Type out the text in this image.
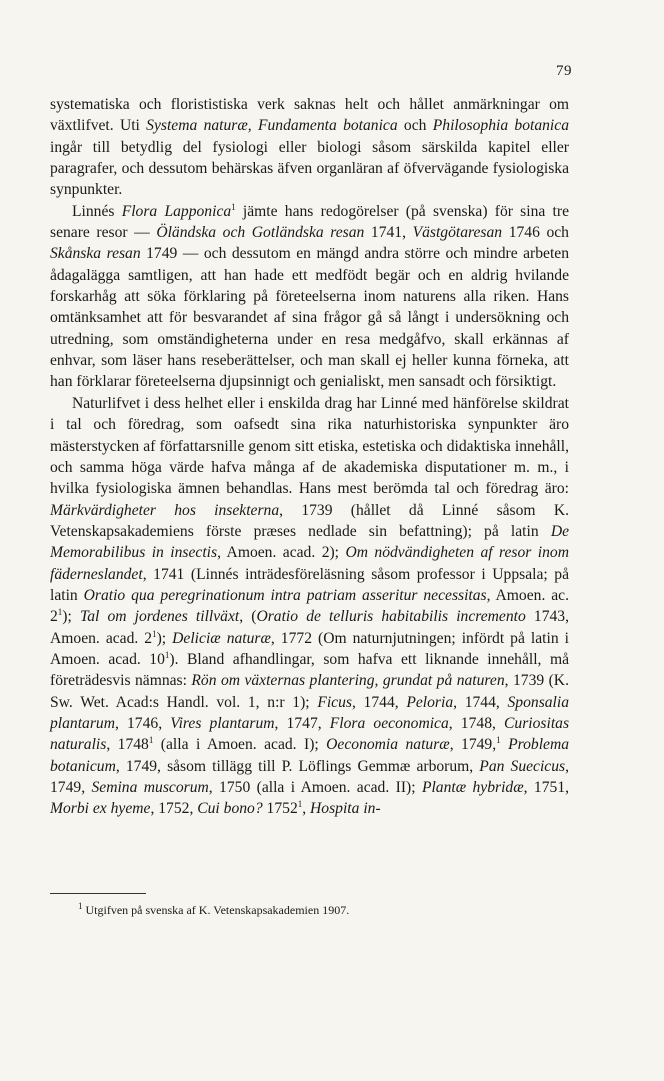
79

systematiska och florististiska verk saknas helt och hållet anmärkningar om växtlifvet. Uti Systema naturæ, Fundamenta botanica och Philosophia botanica ingår till betydlig del fysiologi eller biologi såsom särskilda kapitel eller paragrafer, och dessutom behärskas äfven organläran af öfvervägande fysiologiska synpunkter.

Linnés Flora Lapponica$^1$ jämte hans redogörelser (på svenska) för sina tre senare resor — Öländska och Gotländska resan 1741, Västgötaresan 1746 och Skånska resan 1749 — och dessutom en mängd andra större och mindre arbeten ådagalägga samtligen, att han hade ett medfödt begär och en aldrig hvilande forskarhåg att söka förklaring på företeelserna inom naturens alla riken. Hans omtänksamhet att för besvarandet af sina frågor gå så långt i undersökning och utredning, som omständigheterna under en resa medgåfvo, skall erkännas af enhvar, som läser hans reseberättelser, och man skall ej heller kunna förneka, att han förklarar företeelserna djupsinnigt och genialiskt, men sansadt och försiktigt.

Naturlifvet i dess helhet eller i enskilda drag har Linné med hänförelse skildrat i tal och föredrag, som oafsedt sina rika naturhistoriska synpunkter äro mästerstycken af författarsnille genom sitt etiska, estetiska och didaktiska innehåll, och samma höga värde hafva många af de akademiska disputationer m. m., i hvilka fysiologiska ämnen behandlas. Hans mest berömda tal och föredrag äro: Märkvärdigheter hos insekterna, 1739 (hållet då Linné såsom K. Vetenskapsakademiens förste præses nedlade sin befattning); på latin De Memorabilibus in insectis, Amoen. acad. 2); Om nödvändigheten af resor inom fäderneslandet, 1741 (Linnés inträdesföreläsning såsom professor i Uppsala; på latin Oratio qua peregrinationum intra patriam asseritur necessitas, Amoen. ac. $2^1$); Tal om jordenes tillväxt, (Oratio de telluris habitabilis incremento 1743, Amoen. acad. $2^1$); Deliciæ naturæ, 1772 (Om naturnjutningen; infördt på latin i Amoen. acad. $10^1$). Bland afhandlingar, som hafva ett liknande innehåll, må företrädesvis nämnas: Rön om växternas plantering, grundat på naturen, 1739 (K. Sw. Wet. Acad:s Handl. vol. 1, n:r 1); Ficus, 1744, Peloria, 1744, Sponsalia plantarum, 1746, Vires plantarum, 1747, Flora oeconomica, 1748, Curiositas naturalis, 1748$^1$ (alla i Amoen. acad. I); Oeconomia naturæ, 1749,$^1$ Problema botanicum, 1749, såsom tillägg till P. Löflings Gemmæ arborum, Pan Suecicus, 1749, Semina muscorum, 1750 (alla i Amoen. acad. II); Plantæ hybridæ, 1751, Morbi ex hyeme, 1752, Cui bono? 1752$^1$, Hospita in-

$^1$ Utgifven på svenska af K. Vetenskapsakademien 1907.
